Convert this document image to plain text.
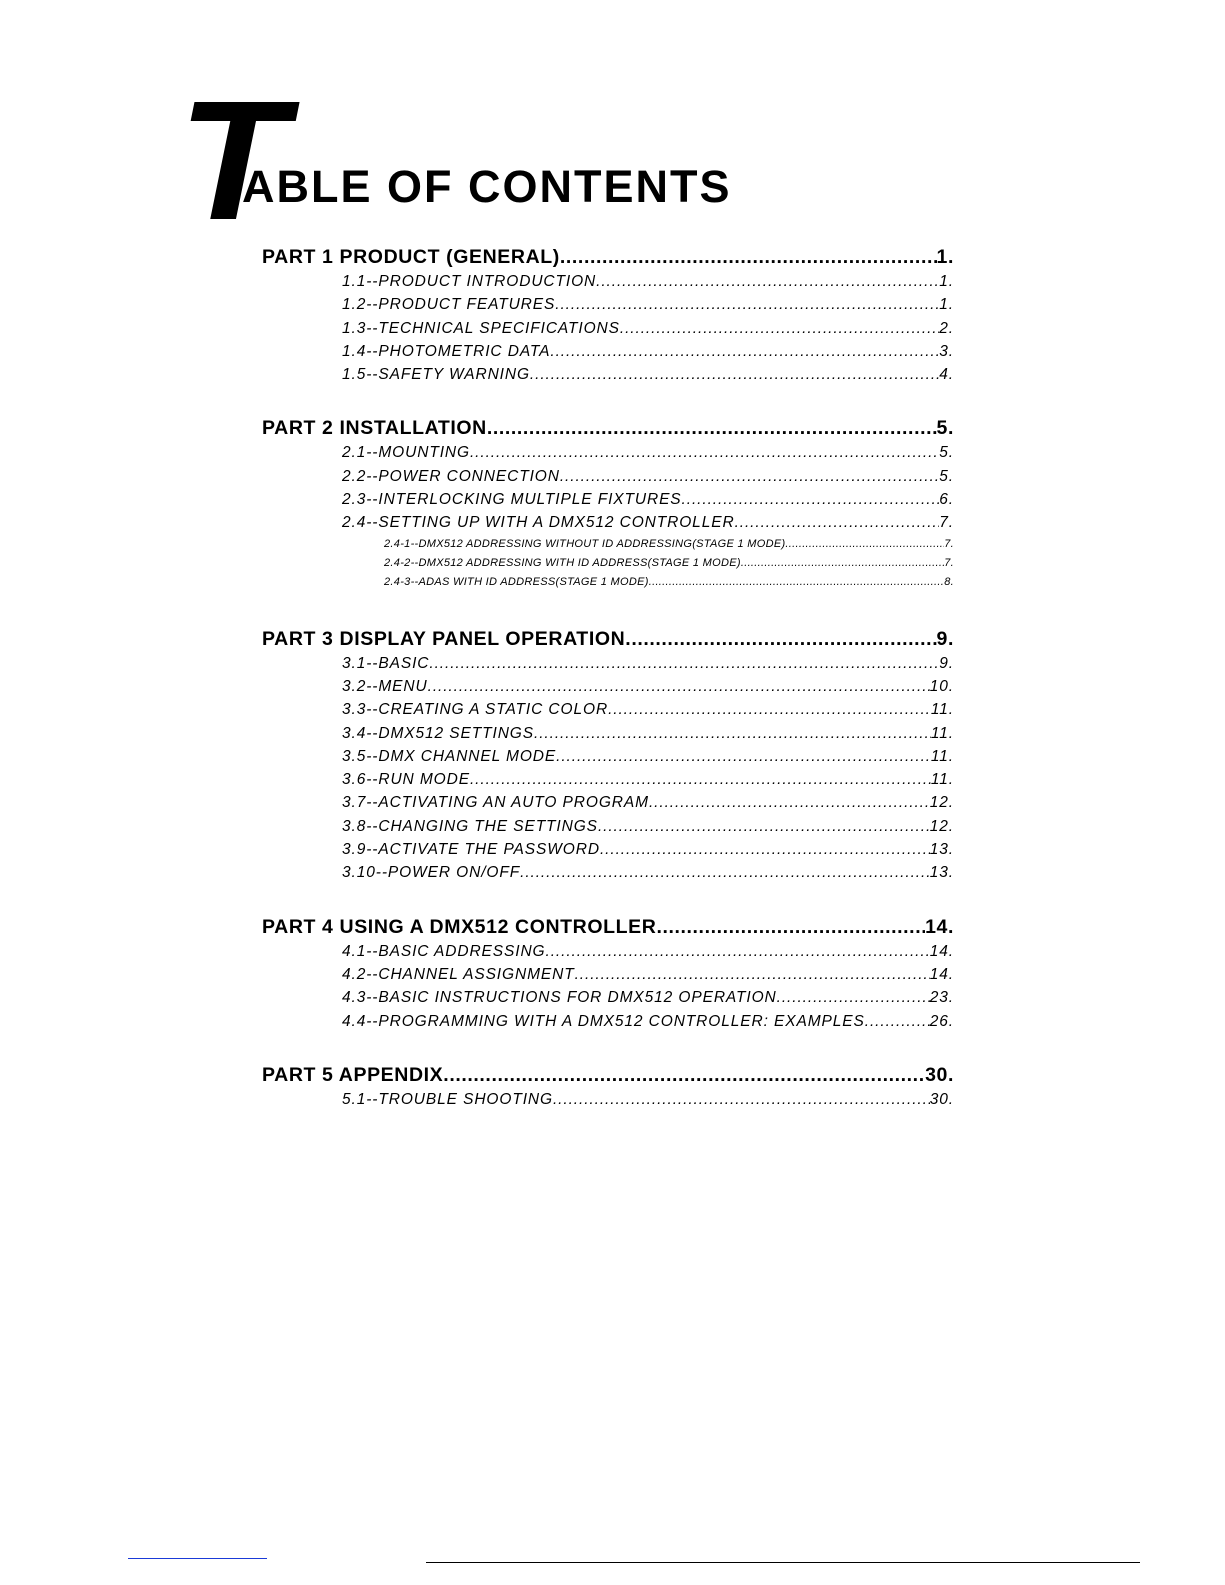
T
ABLE OF CONTENTS
PART 1 PRODUCT (GENERAL) .....	1.
1.1--PRODUCT INTRODUCTION .....	1.
1.2--PRODUCT FEATURES .....	1.
1.3--TECHNICAL SPECIFICATIONS .....	2.
1.4--PHOTOMETRIC DATA .....	3.
1.5--SAFETY WARNING .....	4.
PART 2 INSTALLATION .....	5.
2.1--MOUNTING .....	5.
2.2--POWER CONNECTION .....	5.
2.3--INTERLOCKING MULTIPLE FIXTURES .....	6.
2.4--SETTING UP WITH A DMX512 CONTROLLER .....	7.
2.4-1--DMX512 ADDRESSING WITHOUT ID ADDRESSING(STAGE 1 MODE) .....	7.
2.4-2--DMX512 ADDRESSING WITH ID ADDRESS(STAGE 1 MODE) .....	7.
2.4-3--ADAS WITH ID ADDRESS(STAGE 1 MODE) .....	8.
PART 3 DISPLAY PANEL OPERATION .....	9.
3.1--BASIC .....	9.
3.2--MENU .....	10.
3.3--CREATING A STATIC COLOR .....	11.
3.4--DMX512 SETTINGS .....	11.
3.5--DMX CHANNEL MODE .....	11.
3.6--RUN MODE .....	11.
3.7--ACTIVATING AN AUTO PROGRAM .....	12.
3.8--CHANGING THE SETTINGS .....	12.
3.9--ACTIVATE THE PASSWORD .....	13.
3.10--POWER ON/OFF .....	13.
PART 4 USING A DMX512 CONTROLLER .....	14.
4.1--BASIC ADDRESSING .....	14.
4.2--CHANNEL ASSIGNMENT .....	14.
4.3--BASIC INSTRUCTIONS FOR DMX512 OPERATION .....	23.
4.4--PROGRAMMING WITH A DMX512 CONTROLLER: EXAMPLES .....	26.
PART 5 APPENDIX .....	30.
5.1--TROUBLE SHOOTING .....	30.
